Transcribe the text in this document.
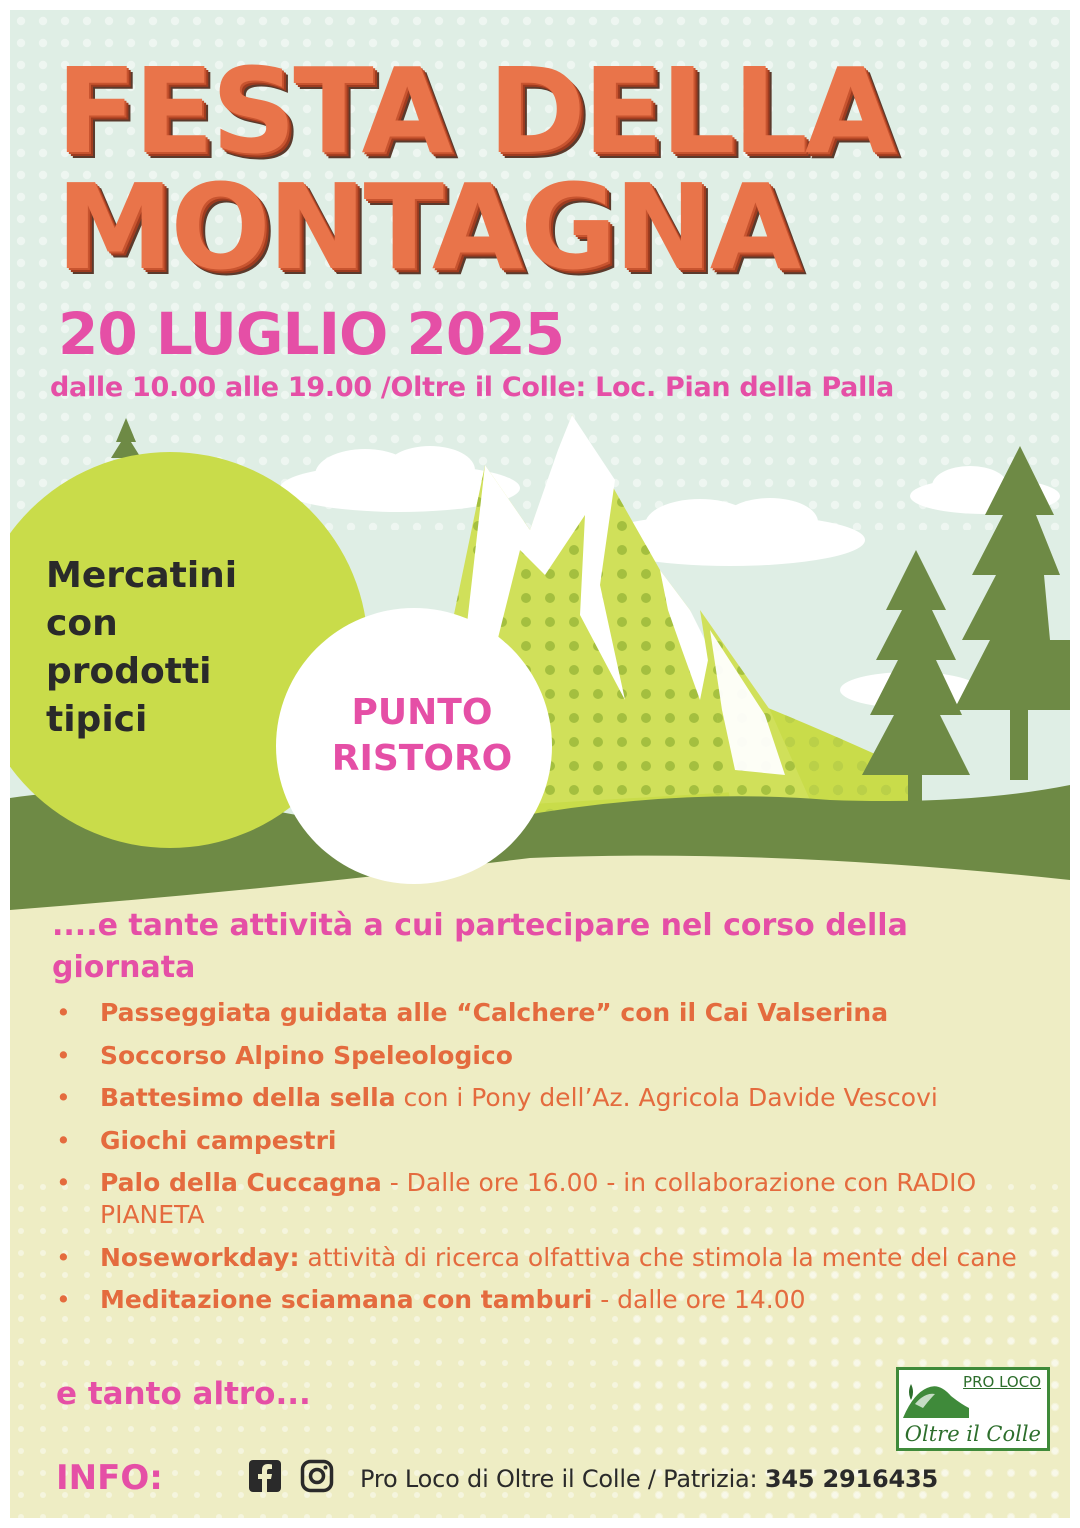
FESTA DELLA
MONTAGNA
20 LUGLIO 2025
dalle 10.00 alle 19.00 /Oltre il Colle: Loc. Pian della Palla
Mercatini
con
prodotti
tipici	PUNTO
RISTORO
....e tante attività a cui partecipare nel corso della giornata
• Passeggiata guidata alle “Calchere” con il Cai Valserina
• Soccorso Alpino Speleologico
• Battesimo della sella con i Pony dell’Az. Agricola Davide Vescovi
• Giochi campestri
• Palo della Cuccagna - Dalle ore 16.00 - in collaborazione con RADIO PIANETA
• Noseworkday: attività di ricerca olfattiva che stimola la mente del cane
• Meditazione sciamana con tamburi - dalle ore 14.00
e tanto altro...	PRO LOCO
Oltre il Colle
INFO:	Pro Loco di Oltre il Colle / Patrizia: 345 2916435
